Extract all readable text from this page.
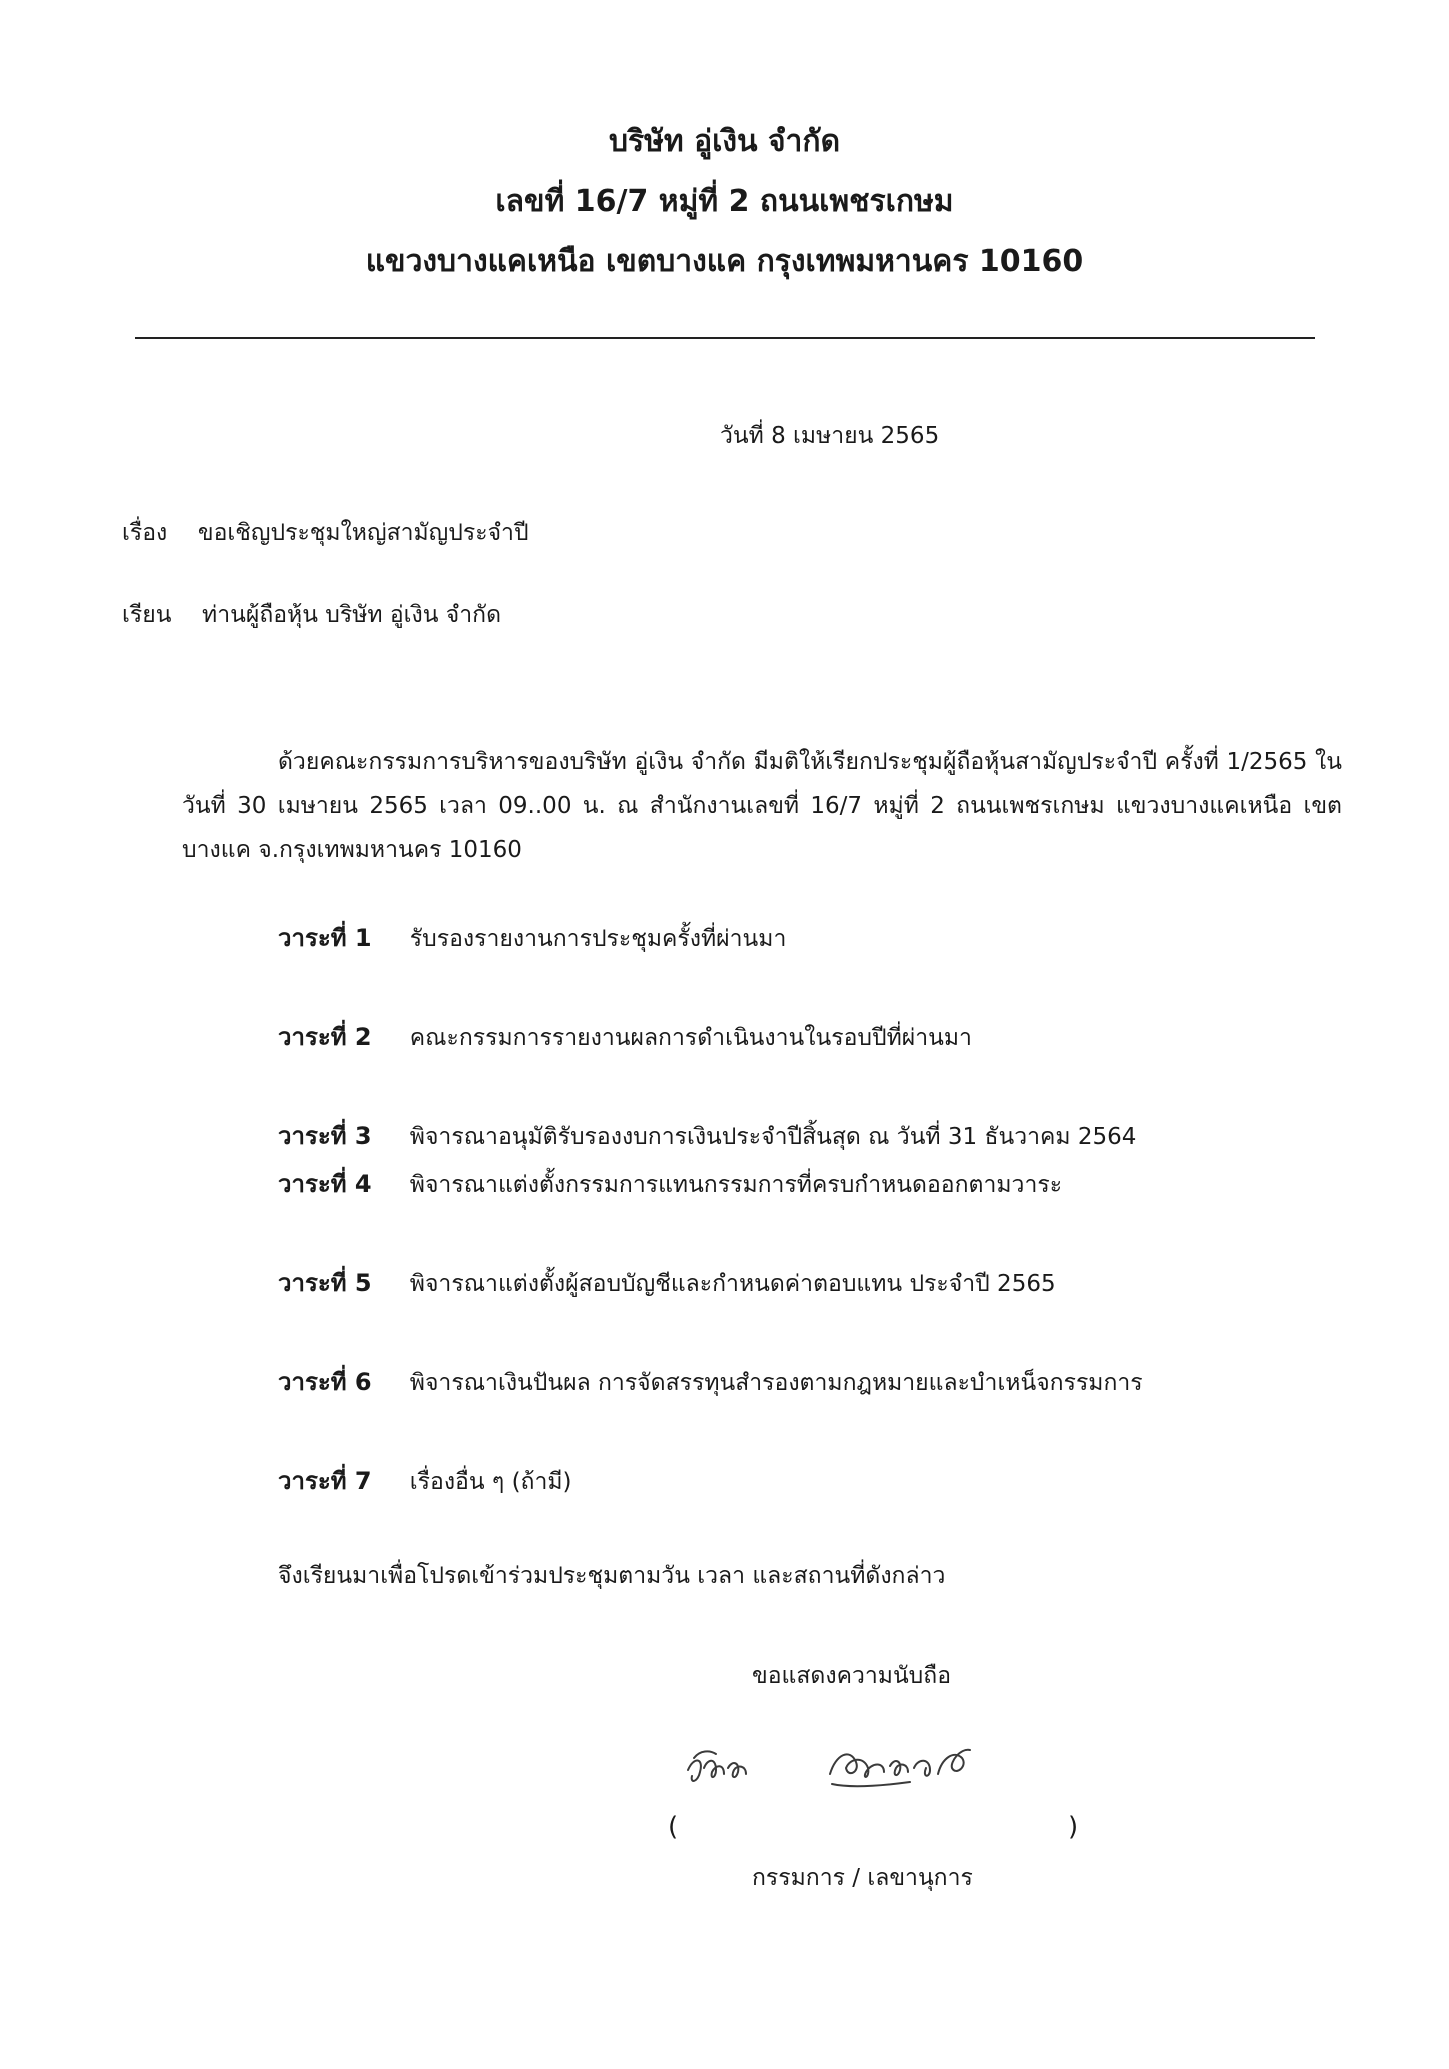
บริษัท อู่เงิน จำกัด
เลขที่ 16/7 หมู่ที่ 2 ถนนเพชรเกษม
แขวงบางแคเหนือ เขตบางแค กรุงเทพมหานคร 10160
วันที่ 8 เมษายน 2565
เรื่อง ขอเชิญประชุมใหญ่สามัญประจำปี
เรียน ท่านผู้ถือหุ้น บริษัท อู่เงิน จำกัด
ด้วยคณะกรรมการบริหารของบริษัท อู่เงิน จำกัด มีมติให้เรียกประชุมผู้ถือหุ้นสามัญประจำปี ครั้งที่ 1/2565 ในวันที่ 30 เมษายน 2565 เวลา 09..00 น. ณ สำนักงานเลขที่ 16/7 หมู่ที่ 2 ถนนเพชรเกษม แขวงบางแคเหนือ เขตบางแค จ.กรุงเทพมหานคร 10160
วาระที่ 1 รับรองรายงานการประชุมครั้งที่ผ่านมา
วาระที่ 2 คณะกรรมการรายงานผลการดำเนินงานในรอบปีที่ผ่านมา
วาระที่ 3 พิจารณาอนุมัติรับรองงบการเงินประจำปีสิ้นสุด ณ วันที่ 31 ธันวาคม 2564
วาระที่ 4 พิจารณาแต่งตั้งกรรมการแทนกรรมการที่ครบกำหนดออกตามวาระ
วาระที่ 5 พิจารณาแต่งตั้งผู้สอบบัญชีและกำหนดค่าตอบแทน ประจำปี 2565
วาระที่ 6 พิจารณาเงินปันผล การจัดสรรทุนสำรองตามกฎหมายและบำเหน็จกรรมการ
วาระที่ 7 เรื่องอื่น ๆ (ถ้ามี)
จึงเรียนมาเพื่อโปรดเข้าร่วมประชุมตามวัน เวลา และสถานที่ดังกล่าว
ขอแสดงความนับถือ
(	)
กรรมการ / เลขานุการ
